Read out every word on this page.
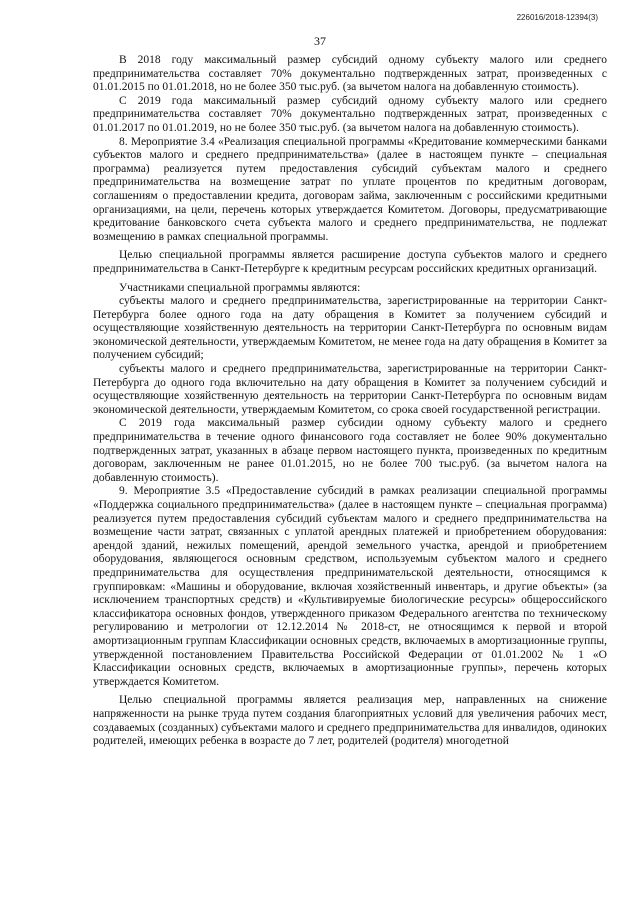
226016/2018-12394(3)
37

В 2018 году максимальный размер субсидий одному субъекту малого или среднего предпринимательства составляет 70% документально подтвержденных затрат, произведенных с 01.01.2015 по 01.01.2018, но не более 350 тыс.руб. (за вычетом налога на добавленную стоимость).

С 2019 года максимальный размер субсидий одному субъекту малого или среднего предпринимательства составляет 70% документально подтвержденных затрат, произведенных с 01.01.2017 по 01.01.2019, но не более 350 тыс.руб. (за вычетом налога на добавленную стоимость).

8. Мероприятие 3.4 «Реализация специальной программы «Кредитование коммерческими банками субъектов малого и среднего предпринимательства» (далее в настоящем пункте – специальная программа) реализуется путем предоставления субсидий субъектам малого и среднего предпринимательства на возмещение затрат по уплате процентов по кредитным договорам, соглашениям о предоставлении кредита, договорам займа, заключенным с российскими кредитными организациями, на цели, перечень которых утверждается Комитетом. Договоры, предусматривающие кредитование банковского счета субъекта малого и среднего предпринимательства, не подлежат возмещению в рамках специальной программы.

Целью специальной программы является расширение доступа субъектов малого и среднего предпринимательства в Санкт-Петербурге к кредитным ресурсам российских кредитных организаций.

Участниками специальной программы являются:

субъекты малого и среднего предпринимательства, зарегистрированные на территории Санкт-Петербурга более одного года на дату обращения в Комитет за получением субсидий и осуществляющие хозяйственную деятельность на территории Санкт-Петербурга по основным видам экономической деятельности, утверждаемым Комитетом, не менее года на дату обращения в Комитет за получением субсидий;

субъекты малого и среднего предпринимательства, зарегистрированные на территории Санкт-Петербурга до одного года включительно на дату обращения в Комитет за получением субсидий и осуществляющие хозяйственную деятельность на территории Санкт-Петербурга по основным видам экономической деятельности, утверждаемым Комитетом, со срока своей государственной регистрации.

С 2019 года максимальный размер субсидии одному субъекту малого и среднего предпринимательства в течение одного финансового года составляет не более 90% документально подтвержденных затрат, указанных в абзаце первом настоящего пункта, произведенных по кредитным договорам, заключенным не ранее 01.01.2015, но не более 700 тыс.руб. (за вычетом налога на добавленную стоимость).

9. Мероприятие 3.5 «Предоставление субсидий в рамках реализации специальной программы «Поддержка социального предпринимательства» (далее в настоящем пункте – специальная программа) реализуется путем предоставления субсидий субъектам малого и среднего предпринимательства на возмещение части затрат, связанных с уплатой арендных платежей и приобретением оборудования: арендой зданий, нежилых помещений, арендой земельного участка, арендой и приобретением оборудования, являющегося основным средством, используемым субъектом малого и среднего предпринимательства для осуществления предпринимательской деятельности, относящимся к группировкам: «Машины и оборудование, включая хозяйственный инвентарь, и другие объекты» (за исключением транспортных средств) и «Культивируемые биологические ресурсы» общероссийского классификатора основных фондов, утвержденного приказом Федерального агентства по техническому регулированию и метрологии от 12.12.2014 № 2018-ст, не относящимся к первой и второй амортизационным группам Классификации основных средств, включаемых в амортизационные группы, утвержденной постановлением Правительства Российской Федерации от 01.01.2002 № 1 «О Классификации основных средств, включаемых в амортизационные группы», перечень которых утверждается Комитетом.

Целью специальной программы является реализация мер, направленных на снижение напряженности на рынке труда путем создания благоприятных условий для увеличения рабочих мест, создаваемых (созданных) субъектами малого и среднего предпринимательства для инвалидов, одиноких родителей, имеющих ребенка в возрасте до 7 лет, родителей (родителя) многодетной
